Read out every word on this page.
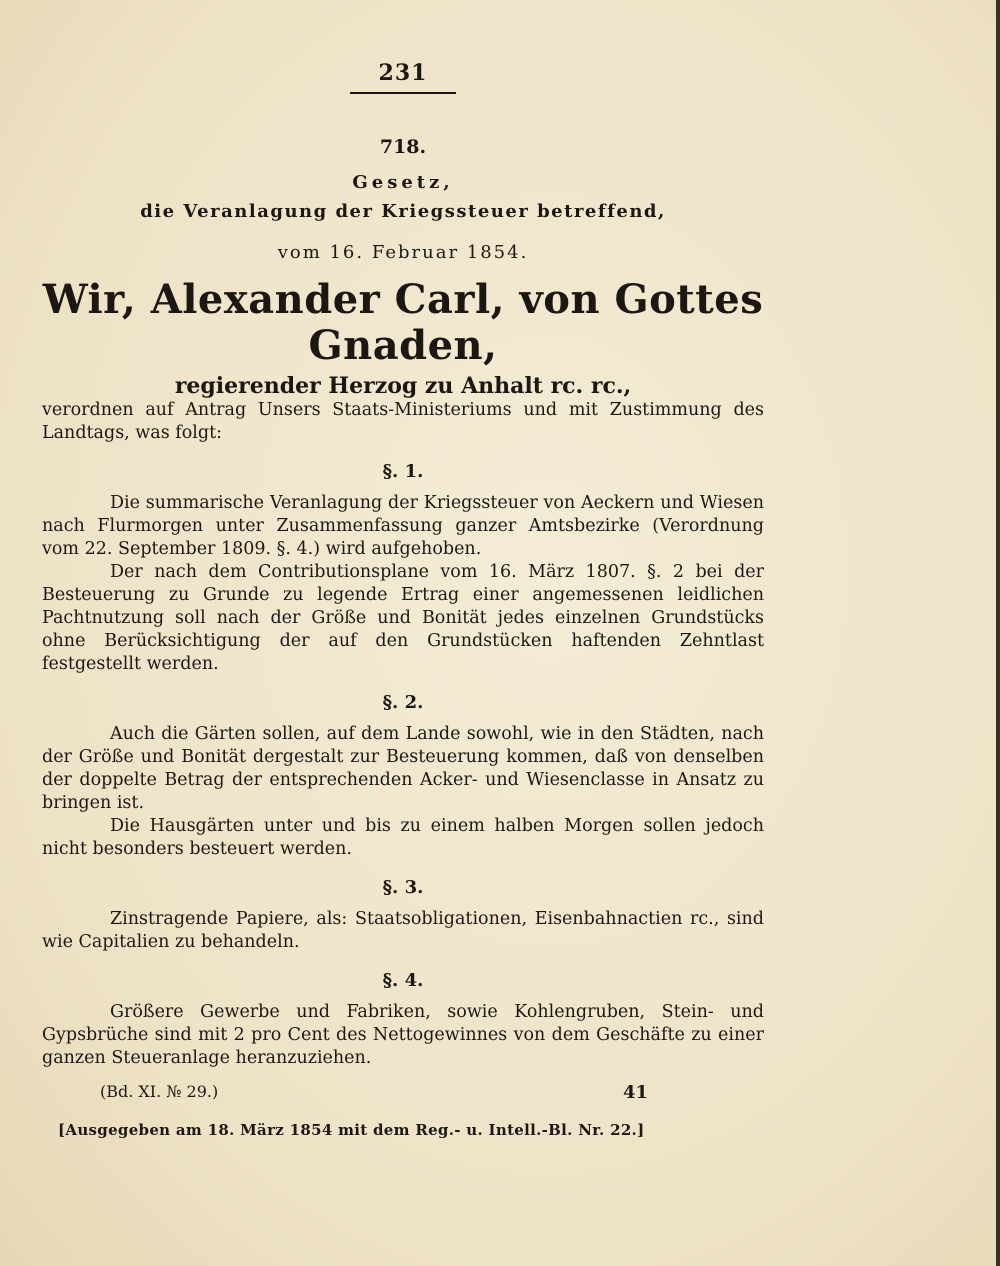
231
718.
Gesetz,
die Veranlagung der Kriegssteuer betreffend,
vom 16. Februar 1854.
Wir, Alexander Carl, von Gottes Gnaden,
regierender Herzog zu Anhalt rc. rc.,

verordnen auf Antrag Unsers Staats-Ministeriums und mit Zustimmung des Landtags, was folgt:

§. 1.

Die summarische Veranlagung der Kriegssteuer von Aeckern und Wiesen nach Flurmorgen unter Zusammenfassung ganzer Amtsbezirke (Verordnung vom 22. September 1809. §. 4.) wird aufgehoben.

Der nach dem Contributionsplane vom 16. März 1807. §. 2 bei der Besteuerung zu Grunde zu legende Ertrag einer angemessenen leidlichen Pachtnutzung soll nach der Größe und Bonität jedes einzelnen Grundstücks ohne Berücksichtigung der auf den Grundstücken haftenden Zehntlast festgestellt werden.

§. 2.

Auch die Gärten sollen, auf dem Lande sowohl, wie in den Städten, nach der Größe und Bonität dergestalt zur Besteuerung kommen, daß von denselben der doppelte Betrag der entsprechenden Acker- und Wiesenclasse in Ansatz zu bringen ist.

Die Hausgärten unter und bis zu einem halben Morgen sollen jedoch nicht besonders besteuert werden.

§. 3.

Zinstragende Papiere, als: Staatsobligationen, Eisenbahnactien rc., sind wie Capitalien zu behandeln.

§. 4.

Größere Gewerbe und Fabriken, sowie Kohlengruben, Stein- und Gypsbrüche sind mit 2 pro Cent des Nettogewinnes von dem Geschäfte zu einer ganzen Steueranlage heranzuziehen.

(Bd. XI. № 29.)	41
[Ausgegeben am 18. März 1854 mit dem Reg.- u. Intell.-Bl. Nr. 22.]
